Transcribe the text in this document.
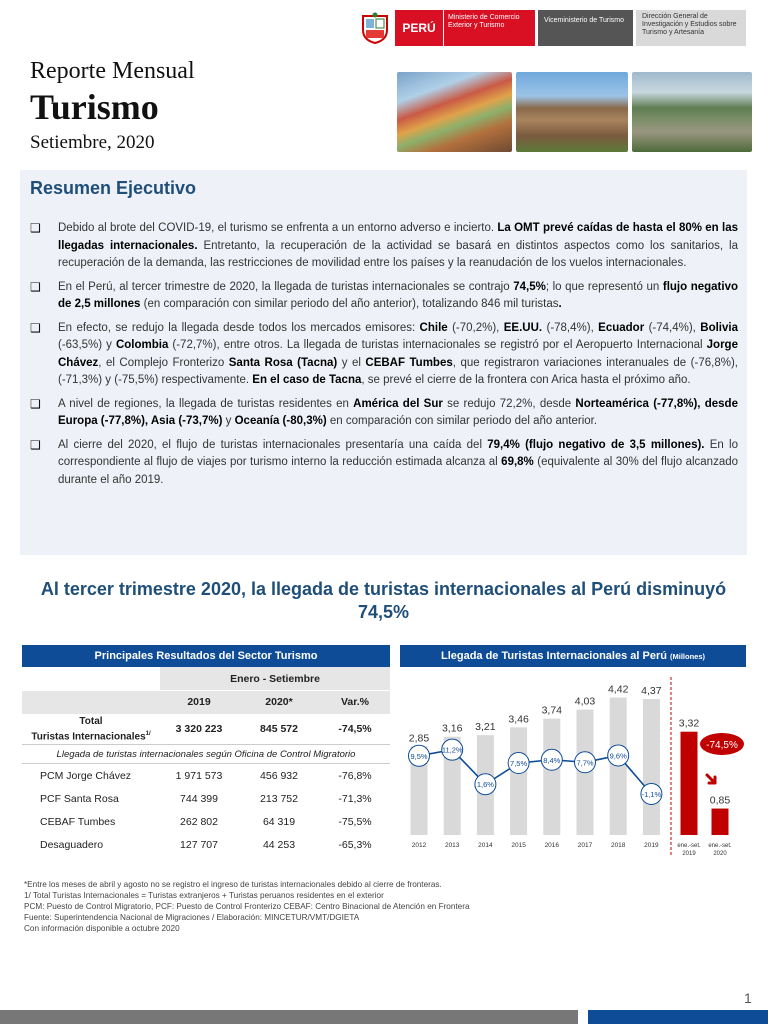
PERÚ
Ministerio de Comercio Exterior y Turismo
Viceministerio de Turismo
Dirección General de Investigación y Estudios sobre Turismo y Artesanía
Reporte Mensual
Turismo
Setiembre, 2020
Resumen Ejecutivo
❑	Debido al brote del COVID-19, el turismo se enfrenta a un entorno adverso e incierto. La OMT prevé caídas de hasta el 80% en las llegadas internacionales. Entretanto, la recuperación de la actividad se basará en distintos aspectos como los sanitarios, la recuperación de la demanda, las restricciones de movilidad entre los países y la reanudación de los vuelos internacionales.
❑	En el Perú, al tercer trimestre de 2020, la llegada de turistas internacionales se contrajo 74,5%; lo que representó un flujo negativo de 2,5 millones (en comparación con similar periodo del año anterior), totalizando 846 mil turistas.
❑	En efecto, se redujo la llegada desde todos los mercados emisores: Chile (-70,2%), EE.UU. (-78,4%), Ecuador (-74,4%), Bolivia (-63,5%) y Colombia (-72,7%), entre otros. La llegada de turistas internacionales se registró por el Aeropuerto Internacional Jorge Chávez, el Complejo Fronterizo Santa Rosa (Tacna) y el CEBAF Tumbes, que registraron variaciones interanuales de (-76,8%), (-71,3%) y (-75,5%) respectivamente. En el caso de Tacna, se prevé el cierre de la frontera con Arica hasta el próximo año.
❑	A nivel de regiones, la llegada de turistas residentes en América del Sur se redujo 72,2%, desde Norteamérica (-77,8%), desde Europa (-77,8%), Asia (-73,7%) y Oceanía (-80,3%) en comparación con similar periodo del año anterior.
❑	Al cierre del 2020, el flujo de turistas internacionales presentaría una caída del 79,4% (flujo negativo de 3,5 millones). En lo correspondiente al flujo de viajes por turismo interno la reducción estimada alcanza al 69,8% (equivalente al 30% del flujo alcanzado durante el año 2019.
Al tercer trimestre 2020, la llegada de turistas internacionales al Perú disminuyó 74,5%
Principales Resultados del Sector Turismo
Enero - Setiembre
2019	2020*	Var.%
Total
Turistas Internacionales$^{1/}$	3 320 223	845 572	-74,5%
Llegada de turistas internacionales según Oficina de Control Migratorio
PCM Jorge Chávez	1 971 573	456 932	-76,8%
PCF Santa Rosa	744 399	213 752	-71,3%
CEBAF Tumbes	262 802	64 319	-75,5%
Desaguadero	127 707	44 253	-65,3%
Llegada de Turistas Internacionales al Perú (Millones)
2,85
3,16 3,21
3,46
3,74
4,03
4,42 4,37
3,32
0,85
2012	2013	2014	2015	2016	2017	2018	2019	ene.-set.
2019
ene.-set.
2020
9,5%
11,2%
1,6%
7,5% 8,4% 7,7%
9,6%
-1,1%
-74,5%
*Entre los meses de abril y agosto no se registro el ingreso de turistas internacionales debido al cierre de fronteras.
1/ Total Turistas Internacionales = Turistas extranjeros + Turistas peruanos residentes en el exterior
PCM: Puesto de Control Migratorio, PCF: Puesto de Control Fronterizo CEBAF: Centro Binacional de Atención en Frontera
Fuente: Superintendencia Nacional de Migraciones / Elaboración: MINCETUR/VMT/DGIETA
Con información disponible a octubre 2020
1
